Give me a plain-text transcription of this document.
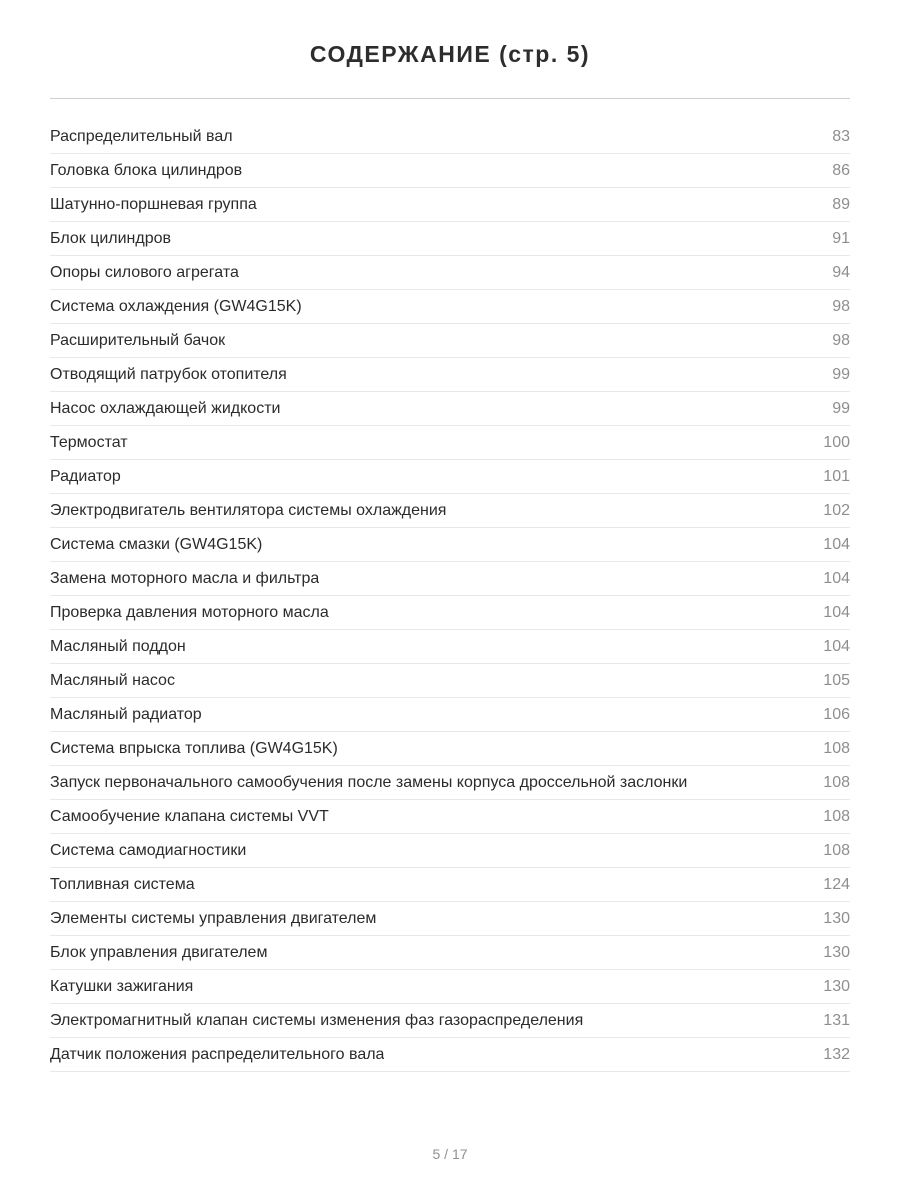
СОДЕРЖАНИЕ (стр. 5)
Распределительный вал	83
Головка блока цилиндров	86
Шатунно-поршневая группа	89
Блок цилиндров	91
Опоры силового агрегата	94
Система охлаждения (GW4G15K)	98
Расширительный бачок	98
Отводящий патрубок отопителя	99
Насос охлаждающей жидкости	99
Термостат	100
Радиатор	101
Электродвигатель вентилятора системы охлаждения	102
Система смазки (GW4G15K)	104
Замена моторного масла и фильтра	104
Проверка давления моторного масла	104
Масляный поддон	104
Масляный насос	105
Масляный радиатор	106
Система впрыска топлива (GW4G15K)	108
Запуск первоначального самообучения после замены корпуса дроссельной заслонки	108
Самообучение клапана системы VVT	108
Система самодиагностики	108
Топливная система	124
Элементы системы управления двигателем	130
Блок управления двигателем	130
Катушки зажигания	130
Электромагнитный клапан системы изменения фаз газораспределения	131
Датчик положения распределительного вала	132
5 / 17
